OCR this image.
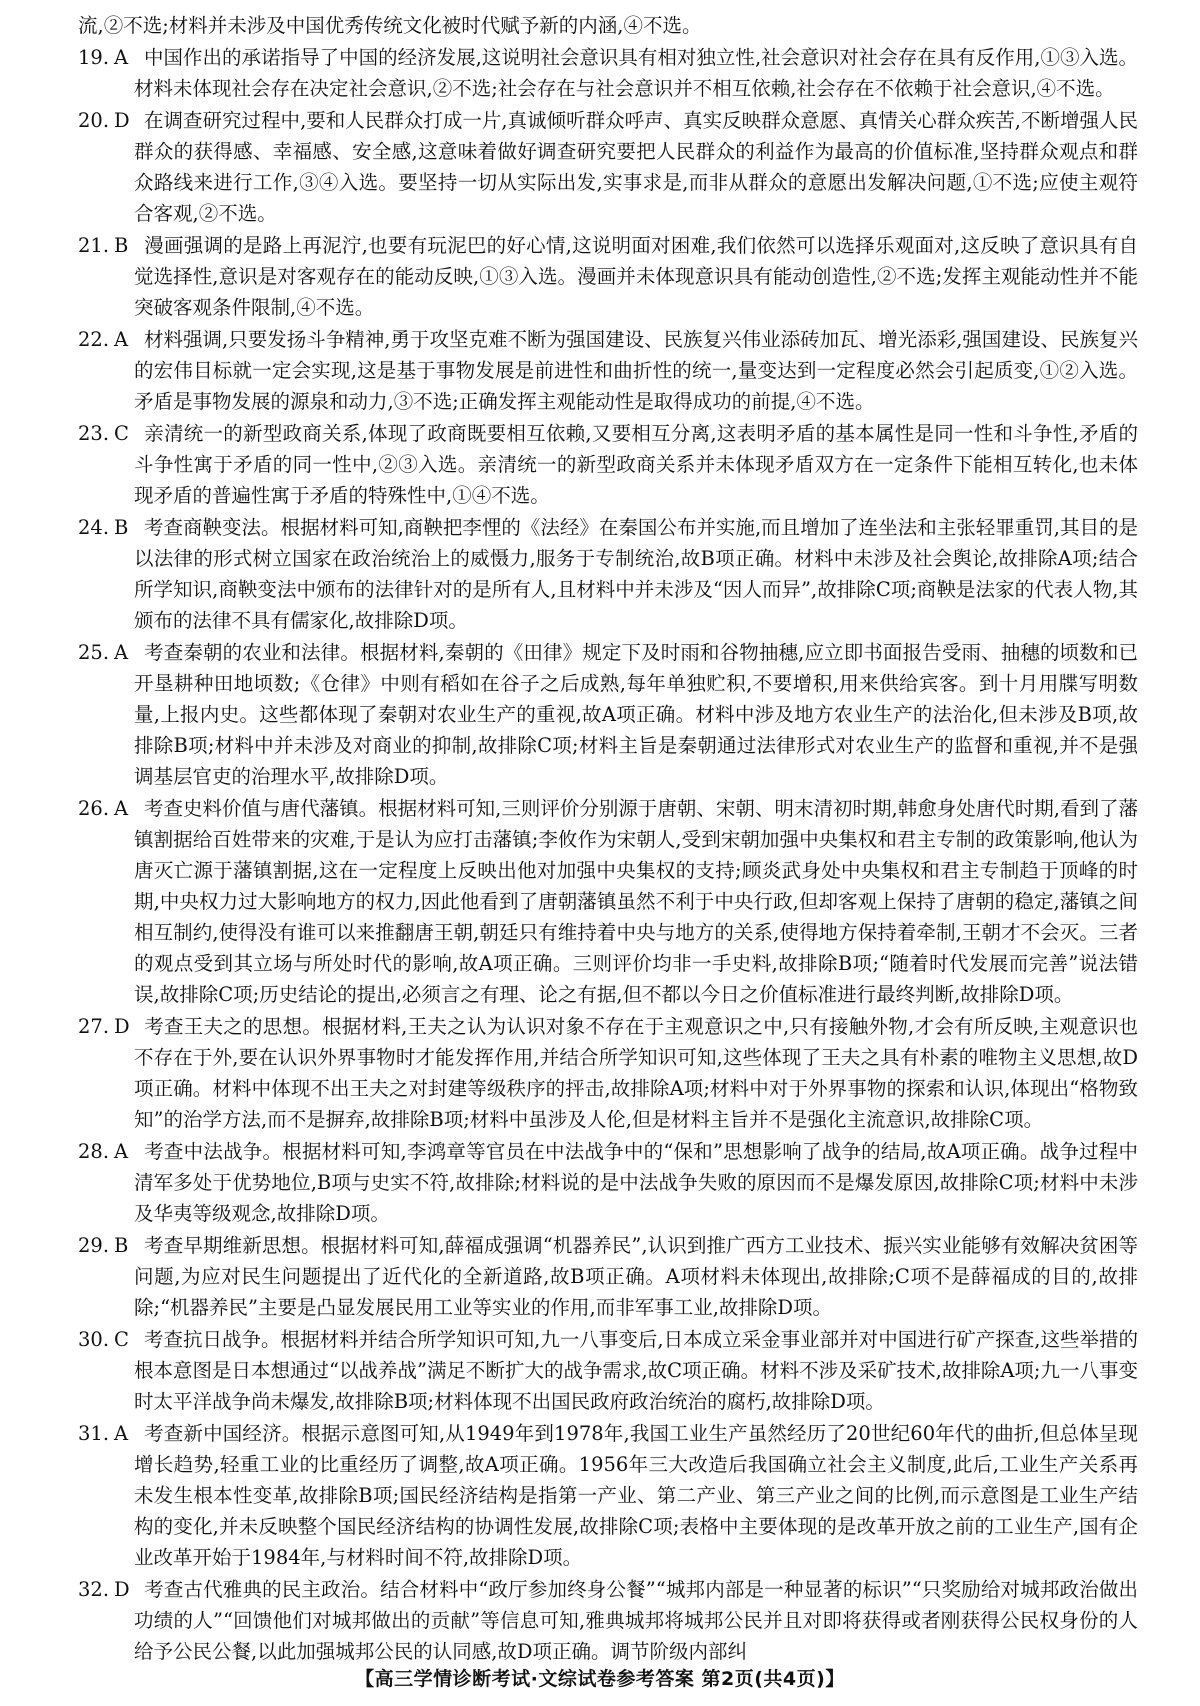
流,②不选;材料并未涉及中国优秀传统文化被时代赋予新的内涵,④不选。

19. A 中国作出的承诺指导了中国的经济发展,这说明社会意识具有相对独立性,社会意识对社会存在具有反作用,①③入选。材料未体现社会存在决定社会意识,②不选;社会存在与社会意识并不相互依赖,社会存在不依赖于社会意识,④不选。

20. D 在调查研究过程中,要和人民群众打成一片,真诚倾听群众呼声、真实反映群众意愿、真情关心群众疾苦,不断增强人民群众的获得感、幸福感、安全感,这意味着做好调查研究要把人民群众的利益作为最高的价值标准,坚持群众观点和群众路线来进行工作,③④入选。要坚持一切从实际出发,实事求是,而非从群众的意愿出发解决问题,①不选;应使主观符合客观,②不选。

21. B 漫画强调的是路上再泥泞,也要有玩泥巴的好心情,这说明面对困难,我们依然可以选择乐观面对,这反映了意识具有自觉选择性,意识是对客观存在的能动反映,①③入选。漫画并未体现意识具有能动创造性,②不选;发挥主观能动性并不能突破客观条件限制,④不选。

22. A 材料强调,只要发扬斗争精神,勇于攻坚克难不断为强国建设、民族复兴伟业添砖加瓦、增光添彩,强国建设、民族复兴的宏伟目标就一定会实现,这是基于事物发展是前进性和曲折性的统一,量变达到一定程度必然会引起质变,①②入选。矛盾是事物发展的源泉和动力,③不选;正确发挥主观能动性是取得成功的前提,④不选。

23. C 亲清统一的新型政商关系,体现了政商既要相互依赖,又要相互分离,这表明矛盾的基本属性是同一性和斗争性,矛盾的斗争性寓于矛盾的同一性中,②③入选。亲清统一的新型政商关系并未体现矛盾双方在一定条件下能相互转化,也未体现矛盾的普遍性寓于矛盾的特殊性中,①④不选。

24. B 考查商鞅变法。根据材料可知,商鞅把李悝的《法经》在秦国公布并实施,而且增加了连坐法和主张轻罪重罚,其目的是以法律的形式树立国家在政治统治上的威慑力,服务于专制统治,故B项正确。材料中未涉及社会舆论,故排除A项;结合所学知识,商鞅变法中颁布的法律针对的是所有人,且材料中并未涉及“因人而异”,故排除C项;商鞅是法家的代表人物,其颁布的法律不具有儒家化,故排除D项。

25. A 考查秦朝的农业和法律。根据材料,秦朝的《田律》规定下及时雨和谷物抽穗,应立即书面报告受雨、抽穗的顷数和已开垦耕种田地顷数;《仓律》中则有稻如在谷子之后成熟,每年单独贮积,不要增积,用来供给宾客。到十月用牒写明数量,上报内史。这些都体现了秦朝对农业生产的重视,故A项正确。材料中涉及地方农业生产的法治化,但未涉及B项,故排除B项;材料中并未涉及对商业的抑制,故排除C项;材料主旨是秦朝通过法律形式对农业生产的监督和重视,并不是强调基层官吏的治理水平,故排除D项。

26. A 考查史料价值与唐代藩镇。根据材料可知,三则评价分别源于唐朝、宋朝、明末清初时期,韩愈身处唐代时期,看到了藩镇割据给百姓带来的灾难,于是认为应打击藩镇;李攸作为宋朝人,受到宋朝加强中央集权和君主专制的政策影响,他认为唐灭亡源于藩镇割据,这在一定程度上反映出他对加强中央集权的支持;顾炎武身处中央集权和君主专制趋于顶峰的时期,中央权力过大影响地方的权力,因此他看到了唐朝藩镇虽然不利于中央行政,但却客观上保持了唐朝的稳定,藩镇之间相互制约,使得没有谁可以来推翻唐王朝,朝廷只有维持着中央与地方的关系,使得地方保持着牵制,王朝才不会灭。三者的观点受到其立场与所处时代的影响,故A项正确。三则评价均非一手史料,故排除B项;“随着时代发展而完善”说法错误,故排除C项;历史结论的提出,必须言之有理、论之有据,但不都以今日之价值标准进行最终判断,故排除D项。

27. D 考查王夫之的思想。根据材料,王夫之认为认识对象不存在于主观意识之中,只有接触外物,才会有所反映,主观意识也不存在于外,要在认识外界事物时才能发挥作用,并结合所学知识可知,这些体现了王夫之具有朴素的唯物主义思想,故D项正确。材料中体现不出王夫之对封建等级秩序的抨击,故排除A项;材料中对于外界事物的探索和认识,体现出“格物致知”的治学方法,而不是摒弃,故排除B项;材料中虽涉及人伦,但是材料主旨并不是强化主流意识,故排除C项。

28. A 考查中法战争。根据材料可知,李鸿章等官员在中法战争中的“保和”思想影响了战争的结局,故A项正确。战争过程中清军多处于优势地位,B项与史实不符,故排除;材料说的是中法战争失败的原因而不是爆发原因,故排除C项;材料中未涉及华夷等级观念,故排除D项。

29. B 考查早期维新思想。根据材料可知,薛福成强调“机器养民”,认识到推广西方工业技术、振兴实业能够有效解决贫困等问题,为应对民生问题提出了近代化的全新道路,故B项正确。A项材料未体现出,故排除;C项不是薛福成的目的,故排除;“机器养民”主要是凸显发展民用工业等实业的作用,而非军事工业,故排除D项。

30. C 考查抗日战争。根据材料并结合所学知识可知,九一八事变后,日本成立采金事业部并对中国进行矿产探查,这些举措的根本意图是日本想通过“以战养战”满足不断扩大的战争需求,故C项正确。材料不涉及采矿技术,故排除A项;九一八事变时太平洋战争尚未爆发,故排除B项;材料体现不出国民政府政治统治的腐朽,故排除D项。

31. A 考查新中国经济。根据示意图可知,从1949年到1978年,我国工业生产虽然经历了20世纪60年代的曲折,但总体呈现增长趋势,轻重工业的比重经历了调整,故A项正确。1956年三大改造后我国确立社会主义制度,此后,工业生产关系再未发生根本性变革,故排除B项;国民经济结构是指第一产业、第二产业、第三产业之间的比例,而示意图是工业生产结构的变化,并未反映整个国民经济结构的协调性发展,故排除C项;表格中主要体现的是改革开放之前的工业生产,国有企业改革开始于1984年,与材料时间不符,故排除D项。

32. D 考查古代雅典的民主政治。结合材料中“政厅参加终身公餐”“城邦内部是一种显著的标识”“只奖励给对城邦政治做出功绩的人”“回馈他们对城邦做出的贡献”等信息可知,雅典城邦将城邦公民并且对即将获得或者刚获得公民权身份的人给予公民公餐,以此加强城邦公民的认同感,故D项正确。调节阶级内部纠

【高三学情诊断考试·文综试卷参考答案 第2页(共4页)】
